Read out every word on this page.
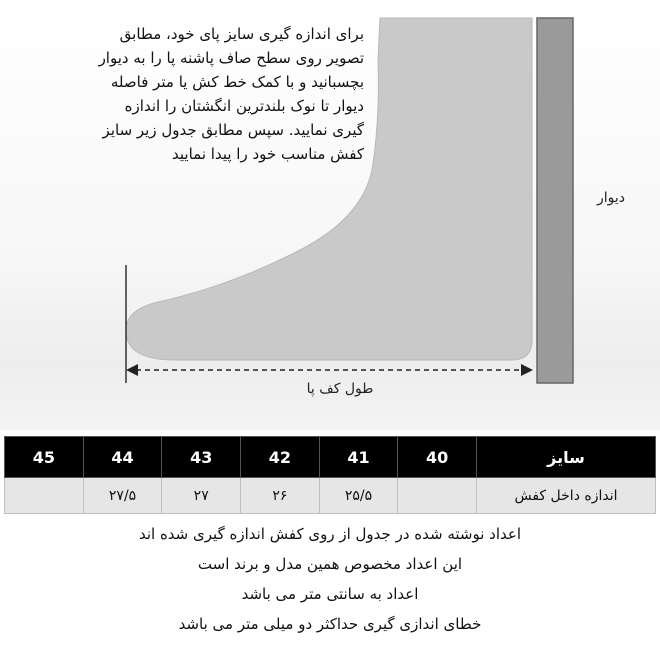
برای اندازه گیری سایز پای خود، مطابق
تصویر روی سطح صاف پاشنه پا را به دیوار
بچسبانید و با کمک خط کش یا متر فاصله
دیوار تا نوک بلندترین انگشتان را اندازه
گیری نمایید. سپس مطابق جدول زیر سایز
کفش مناسب خود را پیدا نمایید
دیوار
طول کف پا
سایز	40	41	42	43	44	45
اندازه داخل کفش		۲۵/۵	۲۶	۲۷	۲۷/۵	
اعداد نوشته شده در جدول از روی کفش اندازه گیری شده اند
این اعداد مخصوص همین مدل و برند است
اعداد به سانتی متر می باشد
خطای اندازی گیری حداکثر دو میلی متر می باشد
